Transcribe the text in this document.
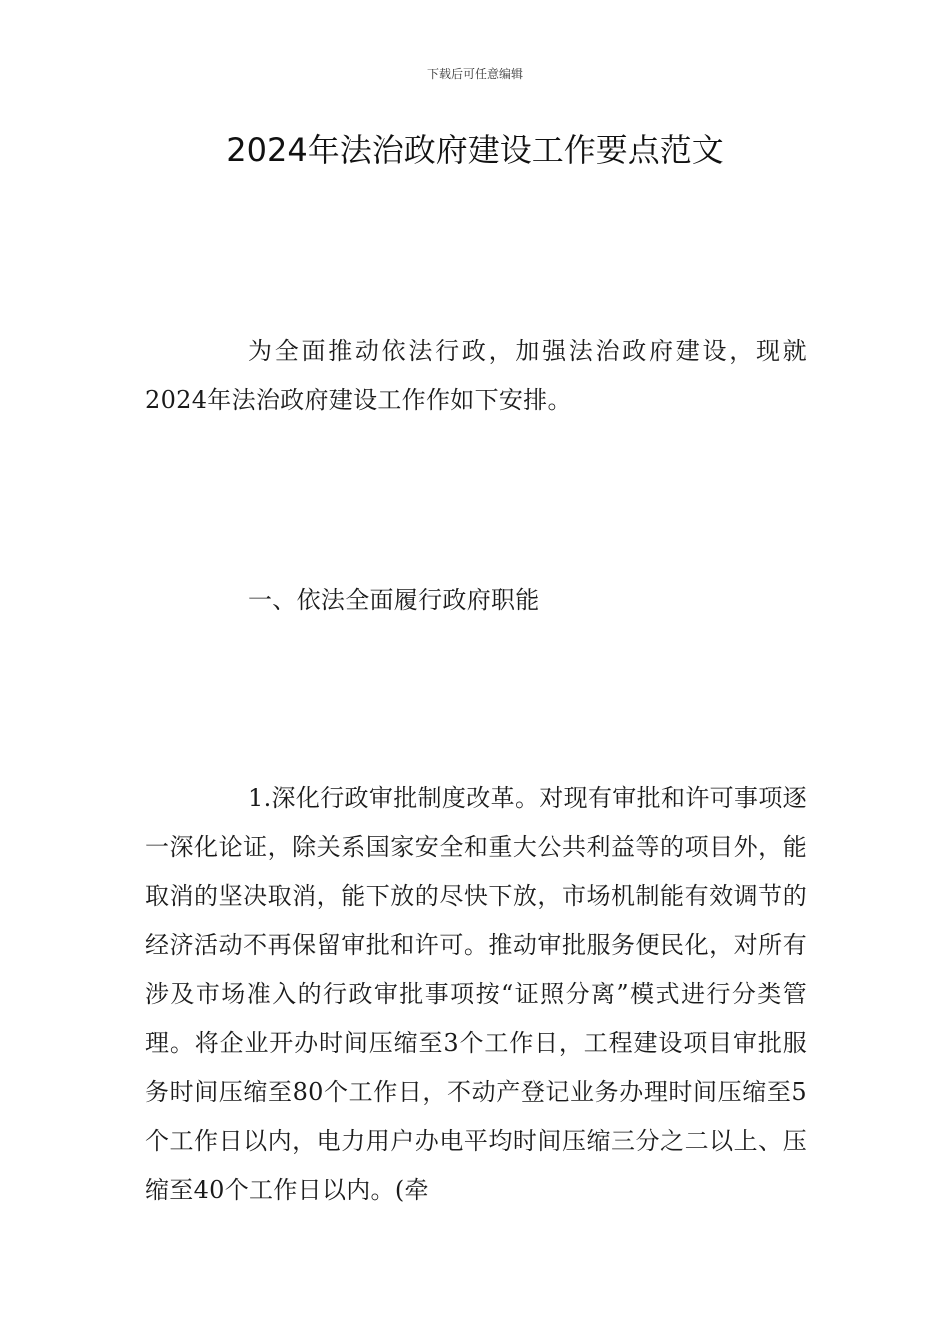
下载后可任意编辑
2024年法治政府建设工作要点范文

为全面推动依法行政，加强法治政府建设，现就2024年法治政府建设工作作如下安排。

一、依法全面履行政府职能

1.深化行政审批制度改革。对现有审批和许可事项逐一深化论证，除关系国家安全和重大公共利益等的项目外，能取消的坚决取消，能下放的尽快下放，市场机制能有效调节的经济活动不再保留审批和许可。推动审批服务便民化，对所有涉及市场准入的行政审批事项按“证照分离”模式进行分类管理。将企业开办时间压缩至3个工作日，工程建设项目审批服务时间压缩至80个工作日，不动产登记业务办理时间压缩至5个工作日以内，电力用户办电平均时间压缩三分之二以上、压缩至40个工作日以内。(牵
